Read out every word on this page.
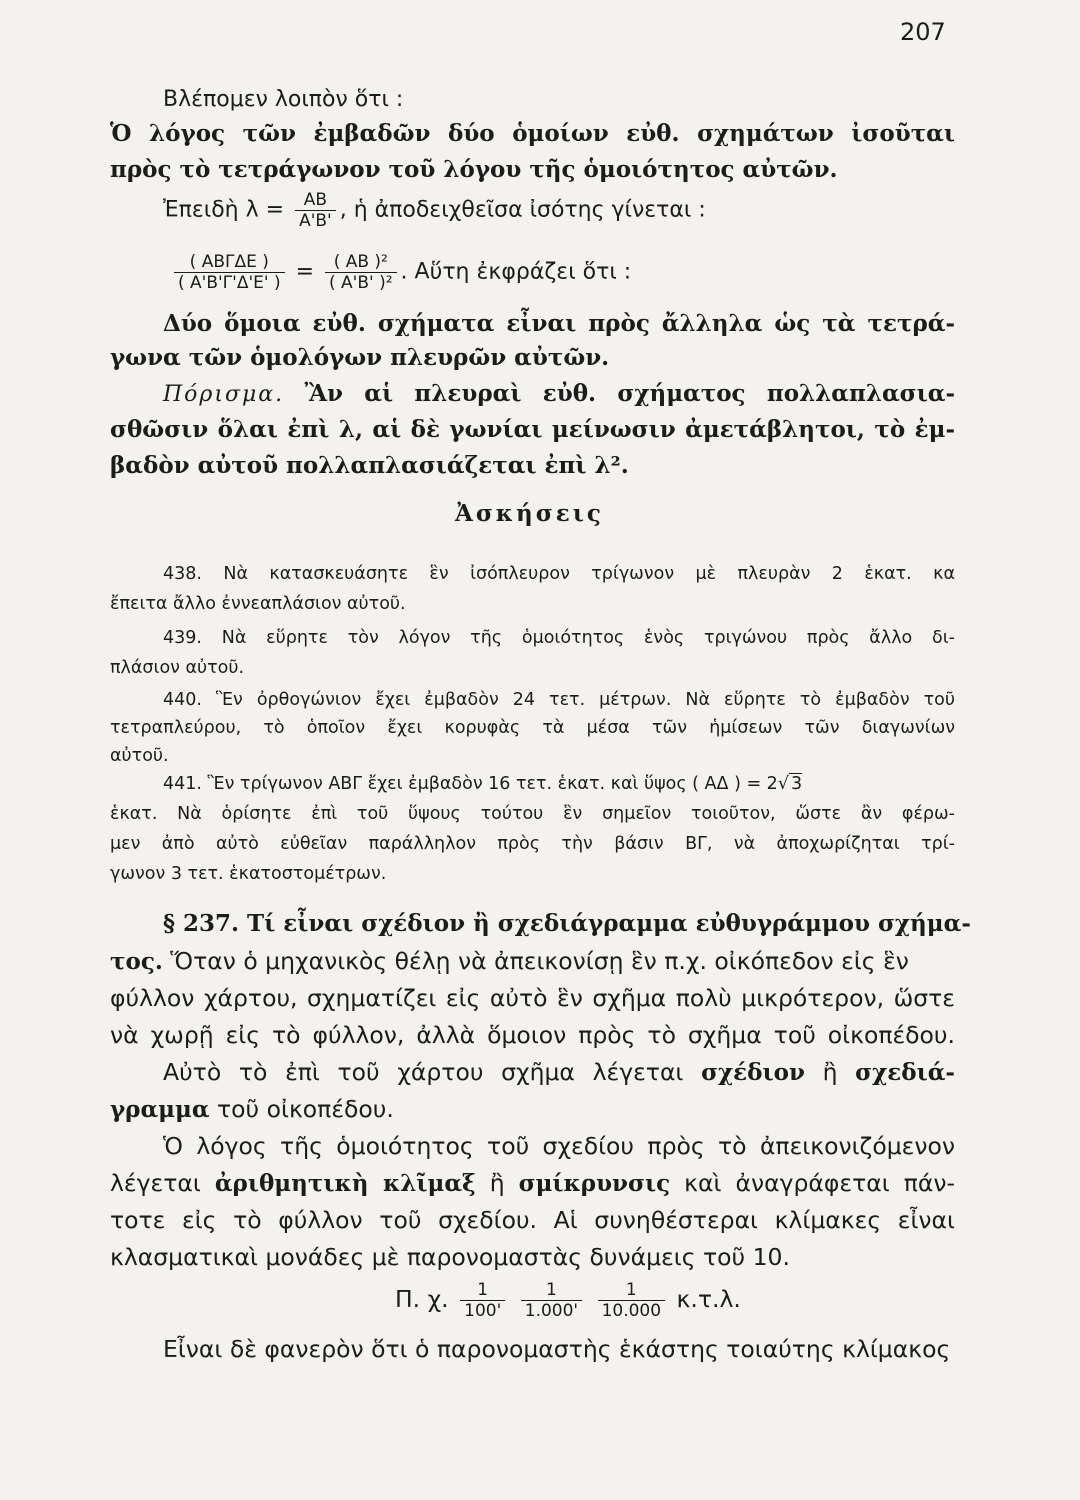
207
Βλέπομεν λοιπὸν ὅτι :
Ὁ λόγος τῶν ἐμβαδῶν δύο ὁμοίων εὐθ. σχημάτων ἰσοῦται
πρὸς τὸ τετράγωνον τοῦ λόγου τῆς ὁμοιότητος αὐτῶν.
Ἐπειδὴ $\lambda = \frac{AB}{A'B'}$ , ἡ ἀποδειχθεῖσα ἰσότης γίνεται :
$\frac{\text{( ΑΒΓΔΕ )}}{( A'B'\Gamma'\Delta'E' )} = \frac{\text{( ΑΒ )²}}{\text{( Α'Β' )²}}$ . Αὕτη ἐκφράζει ὅτι :
Δύο ὅμοια εὐθ. σχήματα εἶναι πρὸς ἄλληλα ὡς τὰ τετρά-
γωνα τῶν ὁμολόγων πλευρῶν αὐτῶν.
Πόρισμα. Ἂν αἱ πλευραὶ εὐθ. σχήματος πολλαπλασια-
σθῶσιν ὅλαι ἐπὶ λ, αἱ δὲ γωνίαι μείνωσιν ἀμετάβλητοι, τὸ ἐμ-
βαδὸν αὐτοῦ πολλαπλασιάζεται ἐπὶ λ².
Ἀσκήσεις
438. Νὰ κατασκευάσητε ἓν ἰσόπλευρον τρίγωνον μὲ πλευρὰν 2 ἑκατ. κα
ἔπειτα ἄλλο ἐννεαπλάσιον αὐτοῦ.
439. Νὰ εὕρητε τὸν λόγον τῆς ὁμοιότητος ἑνὸς τριγώνου πρὸς ἄλλο δι-
πλάσιον αὐτοῦ.
440. Ἓν ὀρθογώνιον ἔχει ἐμβαδὸν 24 τετ. μέτρων. Νὰ εὕρητε τὸ ἐμβαδὸν τοῦ
τετραπλεύρου, τὸ ὁποῖον ἔχει κορυφὰς τὰ μέσα τῶν ἡμίσεων τῶν διαγωνίων
αὐτοῦ.
441. Ἓν τρίγωνον ΑΒΓ ἔχει ἐμβαδὸν 16 τετ. ἑκατ. καὶ ὕψος ( ΑΔ ) = 2√ 3
ἑκατ. Νὰ ὁρίσητε ἐπὶ τοῦ ὕψους τούτου ἓν σημεῖον τοιοῦτον, ὥστε ἂν φέρω-
μεν ἀπὸ αὐτὸ εὐθεῖαν παράλληλον πρὸς τὴν βάσιν ΒΓ, νὰ ἀποχωρίζηται τρί-
γωνον 3 τετ. ἑκατοστομέτρων.
§ 237. Τί εἶναι σχέδιον ἢ σχεδιάγραμμα εὐθυγράμμου σχήμα-
τος. Ὅταν ὁ μηχανικὸς θέλῃ νὰ ἀπεικονίσῃ ἓν π.χ. οἰκόπεδον εἰς ἓν
φύλλον χάρτου, σχηματίζει εἰς αὐτὸ ἓν σχῆμα πολὺ μικρότερον, ὥστε
νὰ χωρῇ εἰς τὸ φύλλον, ἀλλὰ ὅμοιον πρὸς τὸ σχῆμα τοῦ οἰκοπέδου.
Αὐτὸ τὸ ἐπὶ τοῦ χάρτου σχῆμα λέγεται σχέδιον ἢ σχεδιά-
γραμμα τοῦ οἰκοπέδου.
Ὁ λόγος τῆς ὁμοιότητος τοῦ σχεδίου πρὸς τὸ ἀπεικονιζόμενον
λέγεται ἀριθμητικὴ κλῖμαξ ἢ σμίκρυνσις καὶ ἀναγράφεται πάν-
τοτε εἰς τὸ φύλλον τοῦ σχεδίου. Αἱ συνηθέστεραι κλίμακες εἶναι
κλασματικαὶ μονάδες μὲ παρονομαστὰς δυνάμεις τοῦ 10.
Π. χ. $\frac{1}{100'}$
$\frac{1}{1.000'}$
$\frac{1}{10.000} \kappa.\tau.\lambda$.
Εἶναι δὲ φανερὸν ὅτι ὁ παρονομαστὴς ἑκάστης τοιαύτης κλίμακος
